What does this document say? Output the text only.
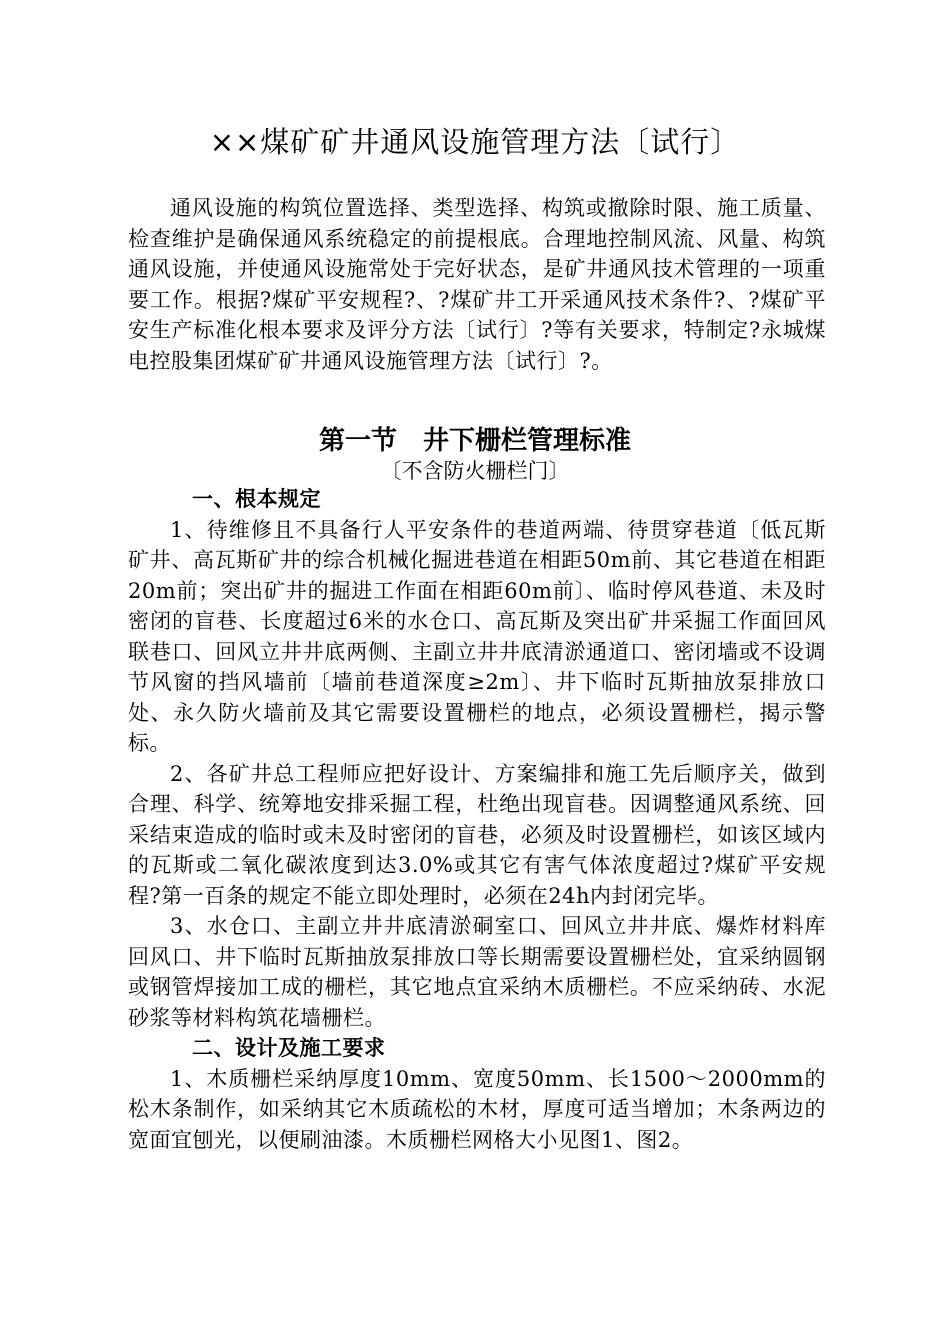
××煤矿矿井通风设施管理方法〔试行〕

通风设施的构筑位置选择、类型选择、构筑或撤除时限、施工质量、检查维护是确保通风系统稳定的前提根底。合理地控制风流、风量、构筑通风设施，并使通风设施常处于完好状态，是矿井通风技术管理的一项重要工作。根据?煤矿平安规程?、?煤矿井工开采通风技术条件?、?煤矿平安生产标准化根本要求及评分方法〔试行〕?等有关要求，特制定?永城煤电控股集团煤矿矿井通风设施管理方法〔试行〕?。

第一节　井下栅栏管理标准
〔不含防火栅栏门〕

一、根本规定

1、待维修且不具备行人平安条件的巷道两端、待贯穿巷道〔低瓦斯矿井、高瓦斯矿井的综合机械化掘进巷道在相距50m前、其它巷道在相距20m前；突出矿井的掘进工作面在相距60m前〕、临时停风巷道、未及时密闭的盲巷、长度超过6米的水仓口、高瓦斯及突出矿井采掘工作面回风联巷口、回风立井井底两侧、主副立井井底清淤通道口、密闭墙或不设调节风窗的挡风墙前〔墙前巷道深度≥2m〕、井下临时瓦斯抽放泵排放口处、永久防火墙前及其它需要设置栅栏的地点，必须设置栅栏，揭示警标。

2、各矿井总工程师应把好设计、方案编排和施工先后顺序关，做到合理、科学、统筹地安排采掘工程，杜绝出现盲巷。因调整通风系统、回采结束造成的临时或未及时密闭的盲巷，必须及时设置栅栏，如该区域内的瓦斯或二氧化碳浓度到达3.0%或其它有害气体浓度超过?煤矿平安规程?第一百条的规定不能立即处理时，必须在24h内封闭完毕。

3、水仓口、主副立井井底清淤硐室口、回风立井井底、爆炸材料库回风口、井下临时瓦斯抽放泵排放口等长期需要设置栅栏处，宜采纳圆钢或钢管焊接加工成的栅栏，其它地点宜采纳木质栅栏。不应采纳砖、水泥砂浆等材料构筑花墙栅栏。

二、设计及施工要求

1、木质栅栏采纳厚度10mm、宽度50mm、长1500～2000mm的松木条制作，如采纳其它木质疏松的木材，厚度可适当增加；木条两边的宽面宜刨光，以便刷油漆。木质栅栏网格大小见图1、图2。
